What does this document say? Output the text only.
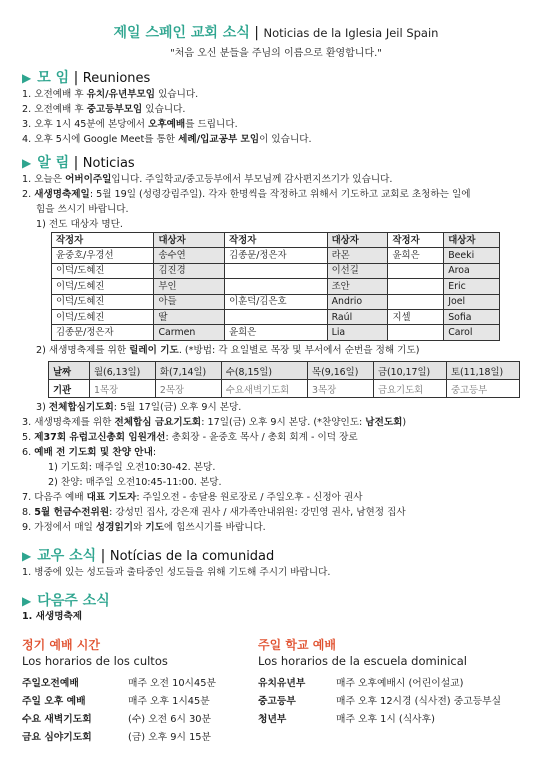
제일 스페인 교회 소식 | Noticias de la Iglesia Jeil Spain
"처음 오신 분들을 주님의 이름으로 환영합니다."
▶ 모 임 | Reuniones
1. 오전예배 후 유치/유년부모임 있습니다.
2. 오전예배 후 중고등부모임 있습니다.
3. 오후 1시 45분에 본당에서 오후예배를 드립니다.
4. 오후 5시에 Google Meet를 통한 세례/입교공부 모임이 있습니다.
▶ 알 림 | Noticias
1. 오늘은 어버이주일입니다. 주일학교/중고등부에서 부모님께 감사편지쓰기가 있습니다.
2. 새생명축제일: 5월 19일 (성령강림주일). 각자 한명씩을 작정하고 위해서 기도하고 교회로 초청하는 일에
힘을 쓰시기 바랍니다.
1) 전도 대상자 명단.
작정자	대상자	작정자	대상자	작정자	대상자
윤중호/우경선	송수연	김종문/정은자	라몬	윤희은	Beeki
이덕/도혜진	김진경		이선길		Aroa
이덕/도혜진	부인		조안		Eric
이덕/도혜진	아들	이훈덕/김은호	Andrio		Joel
이덕/도혜진	딸		Raúl	지셀	Sofia
김종문/정은자	Carmen	윤희은	Lia		Carol
2) 새생명축제를 위한 릴레이 기도. (*방법: 각 요일별로 목장 및 부서에서 순번을 정해 기도)
날짜	월(6,13일)	화(7,14일)	수(8,15일)	목(9,16일)	금(10,17일)	토(11,18일)
기관	1목장	2목장	수요새벽기도회	3목장	금요기도회	중고등부
3) 전체합심기도회: 5월 17일(금) 오후 9시 본당.
3. 새생명축제를 위한 전체합심 금요기도회: 17일(금) 오후 9시 본당. (*찬양인도: 남전도회)
5. 제37회 유럽고신총회 임원개선: 총회장 - 윤중호 목사 / 총회 회계 - 이덕 장로
6. 예배 전 기도회 및 찬양 안내:
1) 기도회: 매주일 오전10:30-42. 본당.
2) 찬양: 매주일 오전10:45-11:00. 본당.
7. 다음주 예배 대표 기도자: 주일오전 - 송달용 원로장로 / 주일오후 - 신정아 권사
8. 5월 헌금수전위원: 강성민 집사, 강은재 권사 / 새가족안내위원: 강민영 권사, 남현정 집사
9. 가정에서 매일 성경읽기와 기도에 힘쓰시기를 바랍니다.
▶ 교우 소식 | Notícias de la comunidad
1. 병중에 있는 성도들과 출타중인 성도들을 위해 기도해 주시기 바랍니다.
▶ 다음주 소식
1. 새생명축제
정기 예배 시간
Los horarios de los cultos
주일오전예배	매주 오전 10시45분
주일 오후 예배	매주 오후 1시45분
수요 새벽기도회	(수) 오전 6시 30분
금요 심야기도회	(금) 오후 9시 15분
주일 학교 예배
Los horarios de la escuela dominical
유치유년부	매주 오후예배시 (어린이설교)
중고등부	매주 오후 12시경 (식사전) 중고등부실
청년부	매주 오후 1시 (식사후)
